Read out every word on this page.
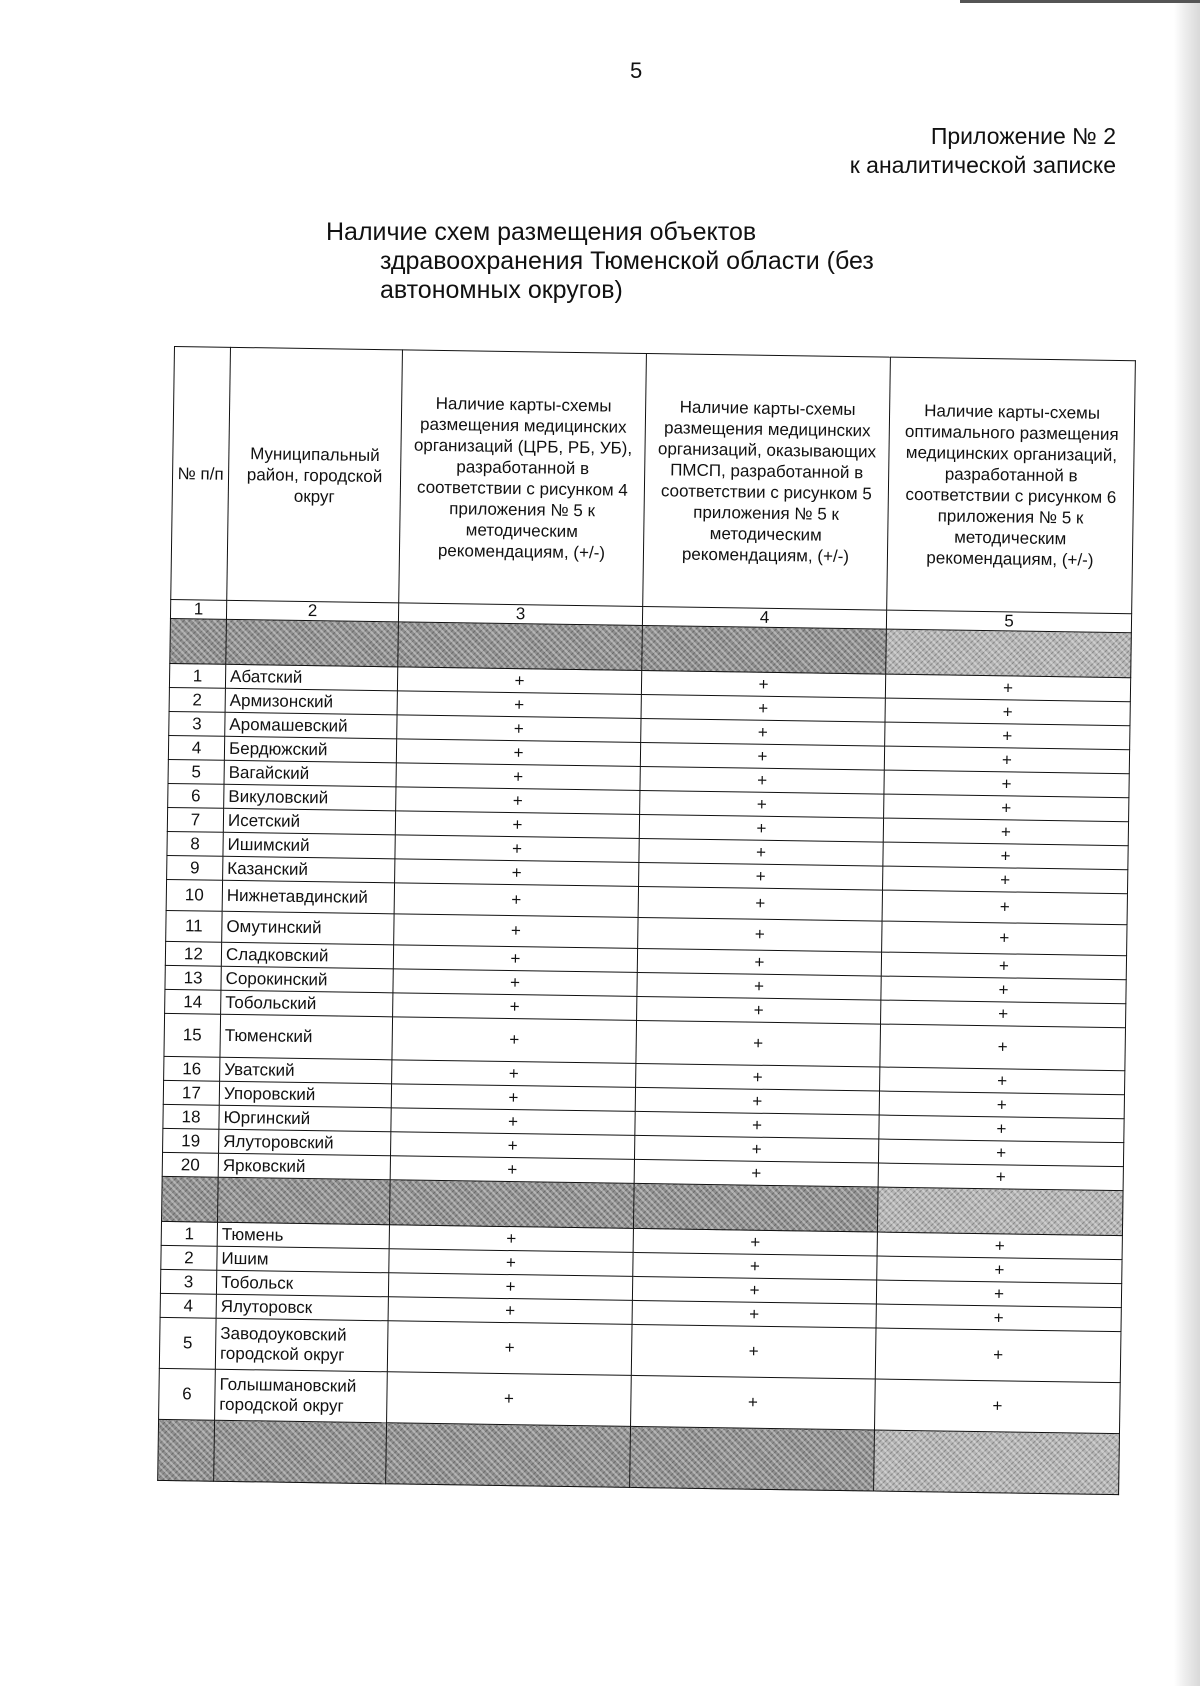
5
Приложение № 2
к аналитической записке
Наличие схем размещения объектов
здравоохранения Тюменской области (без
автономных округов)
№ п/п	Муниципальный район, городской округ	Наличие карты-схемы размещения медицинских организаций (ЦРБ, РБ, УБ), разработанной в соответствии с рисунком 4 приложения № 5 к методическим рекомендациям, (+/-)	Наличие карты-схемы размещения медицинских организаций, оказывающих ПМСП, разработанной в соответствии с рисунком 5 приложения № 5 к методическим рекомендациям, (+/-)	Наличие карты-схемы оптимального размещения медицинских организаций, разработанной в соответствии с рисунком 6 приложения № 5 к методическим рекомендациям, (+/-)
1	2	3	4	5

1	Абатский	+	+	+
2	Армизонский	+	+	+
3	Аромашевский	+	+	+
4	Бердюжский	+	+	+
5	Вагайский	+	+	+
6	Викуловский	+	+	+
7	Исетский	+	+	+
8	Ишимский	+	+	+
9	Казанский	+	+	+
10	Нижнетавдинский	+	+	+
11	Омутинский	+	+	+
12	Сладковский	+	+	+
13	Сорокинский	+	+	+
14	Тобольский	+	+	+
15	Тюменский	+	+	+
16	Уватский	+	+	+
17	Упоровский	+	+	+
18	Юргинский	+	+	+
19	Ялуторовский	+	+	+
20	Ярковский	+	+	+

1	Тюмень	+	+	+
2	Ишим	+	+	+
3	Тобольск	+	+	+
4	Ялуторовск	+	+	+
5	Заводоуковский городской округ	+	+	+
6	Голышмановский городской округ	+	+	+
